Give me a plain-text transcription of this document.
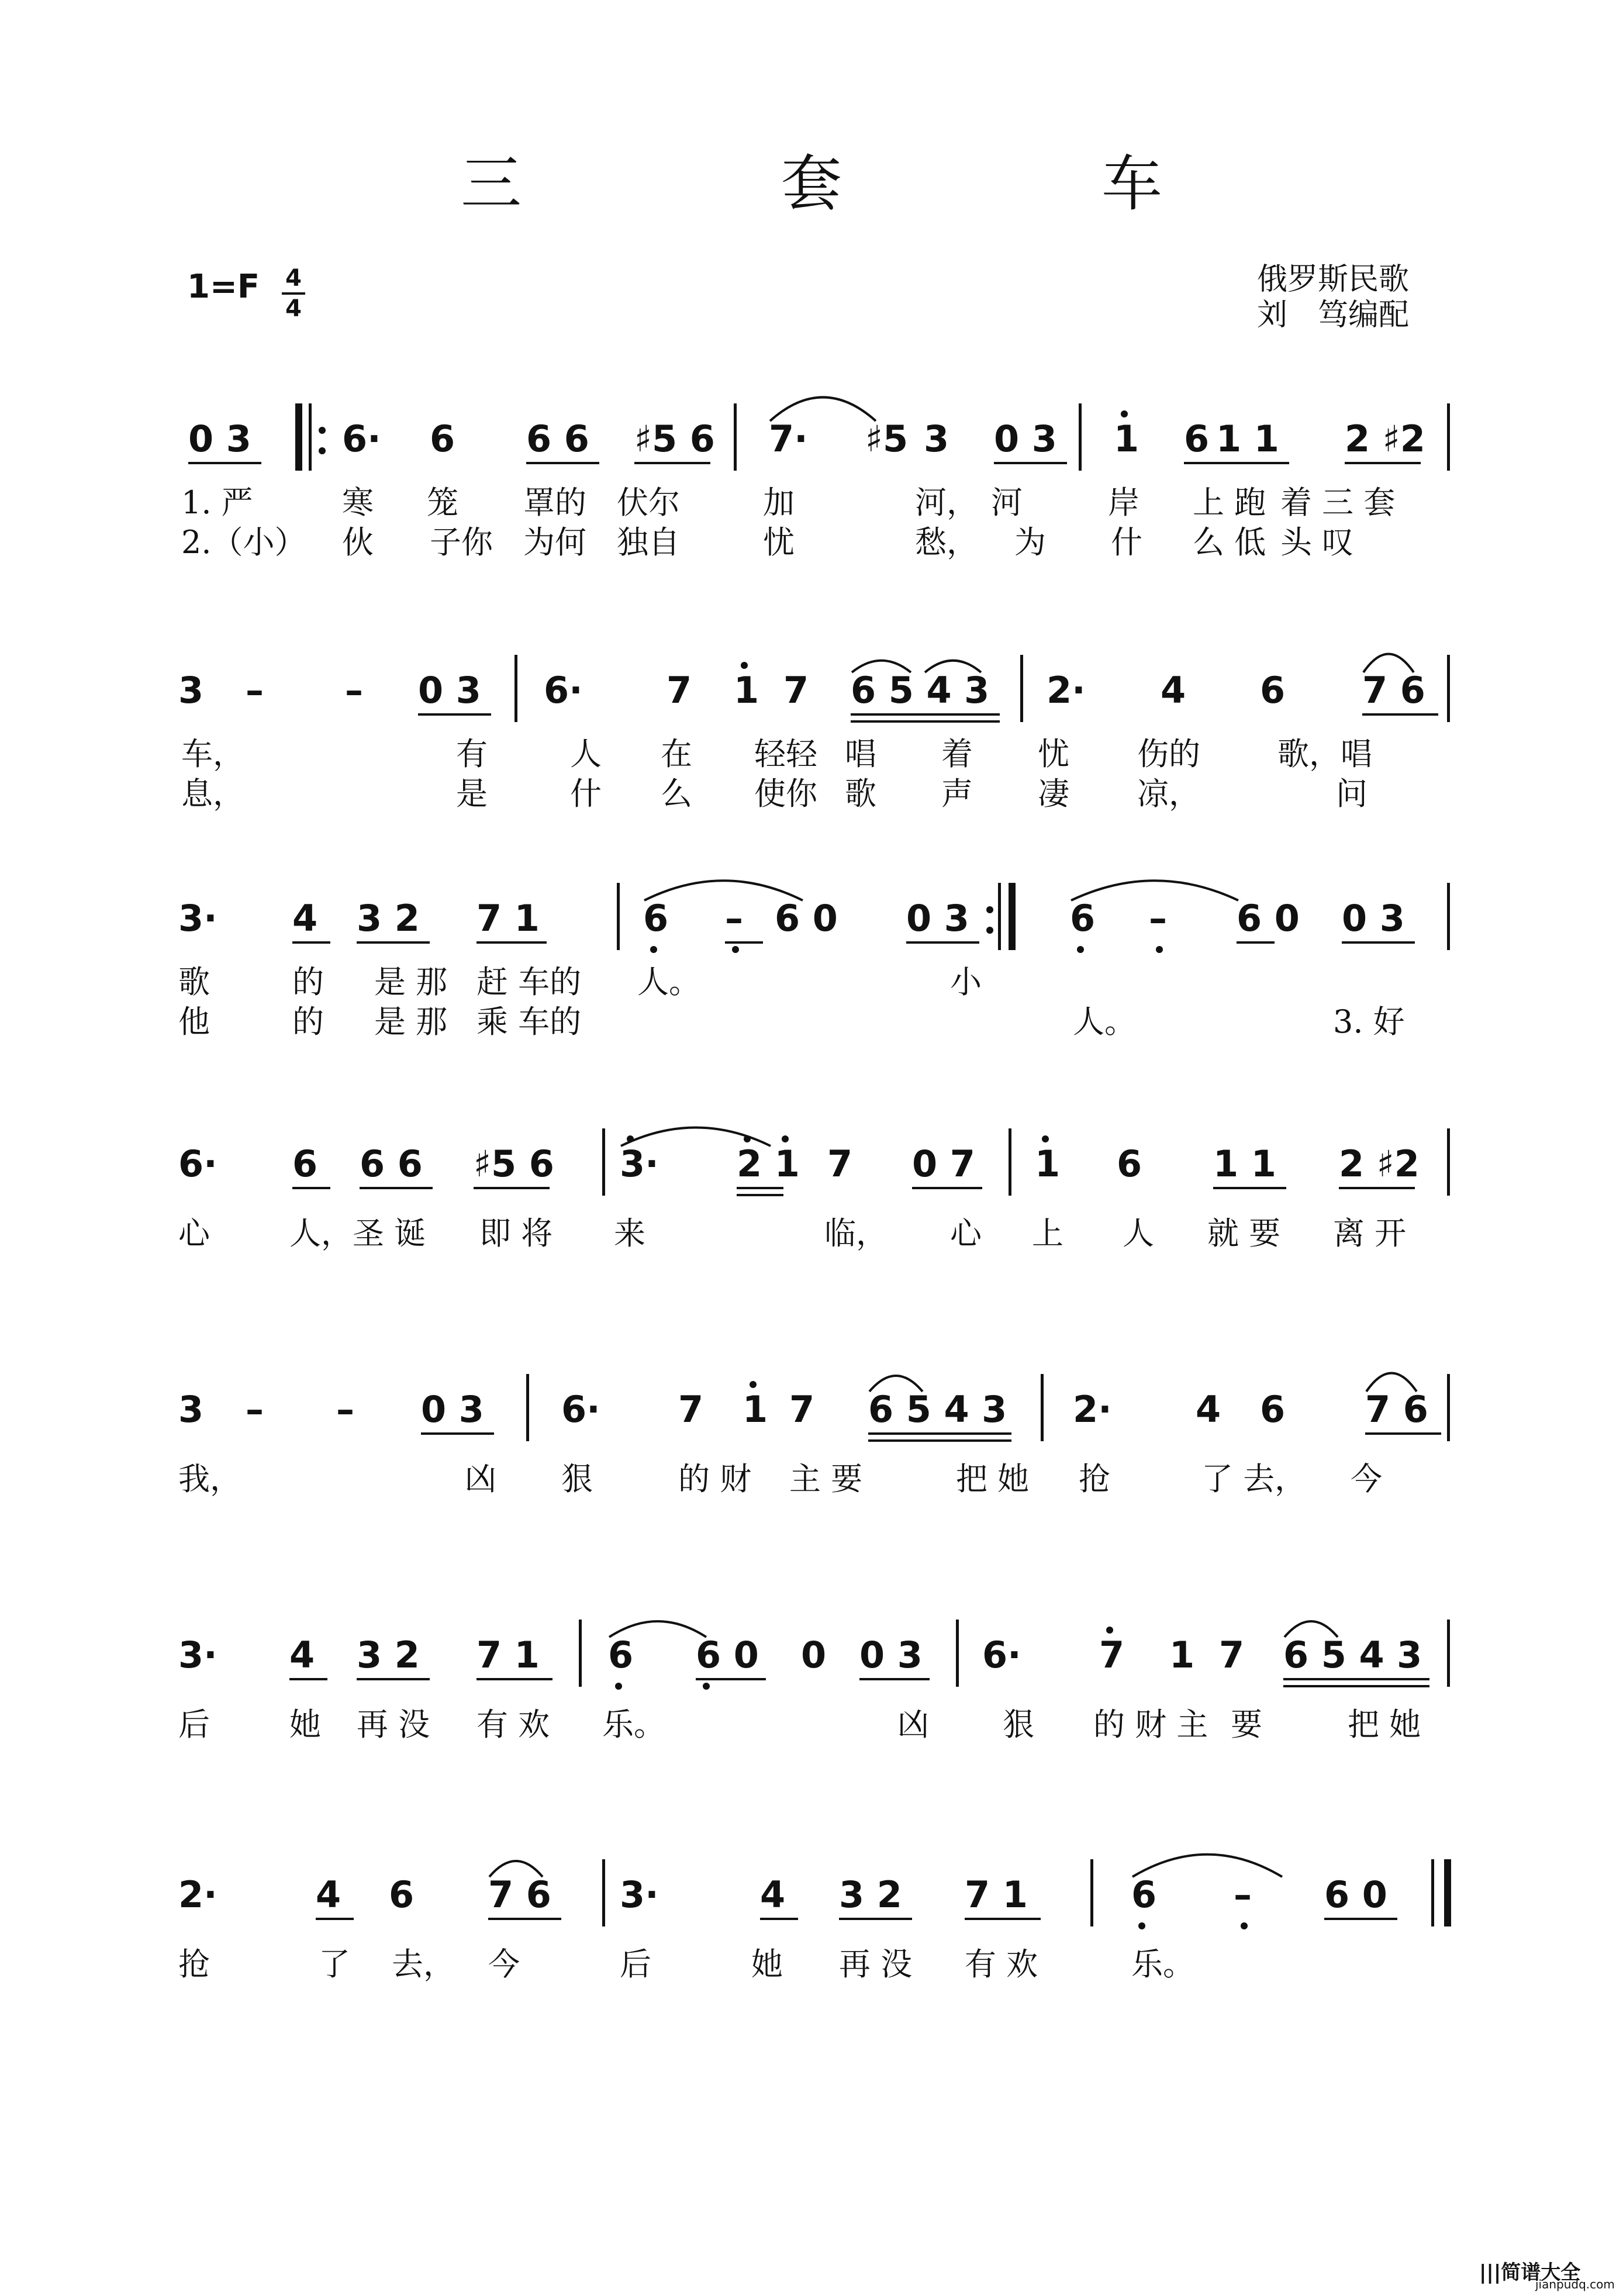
三　套　车
1=F 4
4
俄罗斯民歌
刘　笃编配
0 3	6· 6 6 6 ♯5 6 7· ♯5 3 0 3 1 6 1 1 2 ♯2
1. 严	寒 笼 罩的 伏尔	加	河， 河	岸 上 跑 着 三 套
2.（小） 伙 子你 为何 独自	忧	愁， 为 什 么 低 头 叹
3 – – 0 3 6· 7 1 7 6 5 4 3 2· 4 6 7 6
车，	有	人 在 轻轻 唱 着 忧 伤的 歌，唱
息，	是	什 么 使你 歌 声 凄 凉，	问
3· 4 3 2 7 1	6 – 6 0 0 3	6 – 6 0 0 3
歌	的 是 那 赶 车的 人。	小
他	的 是 那 乘 车的	人。	3. 好
6· 6 6 6 ♯5 6 3· 2 1 7 0 7 1 6 1 1 2 ♯2
心	人，圣 诞 即 将 来	临， 心 上 人 就 要 离 开
3 – – 0 3 6· 7 1 7 6 5 4 3 2· 4 6 7 6
我，	凶 狠	的 财 主 要	把 她 抢	了 去， 今
3· 4 3 2 7 1 6 6 0 0 0 3 6· 7 1 7 6 5 4 3
后	她 再 没 有 欢 乐。	凶 狠 的 财 主 要	把 她
2·	4 6 7 6 3·	4 3 2 7 1	6 – 6 0
抢	了 去， 今	后	她 再 没 有 欢	乐。
|||简谱大全
jianpudq.com
